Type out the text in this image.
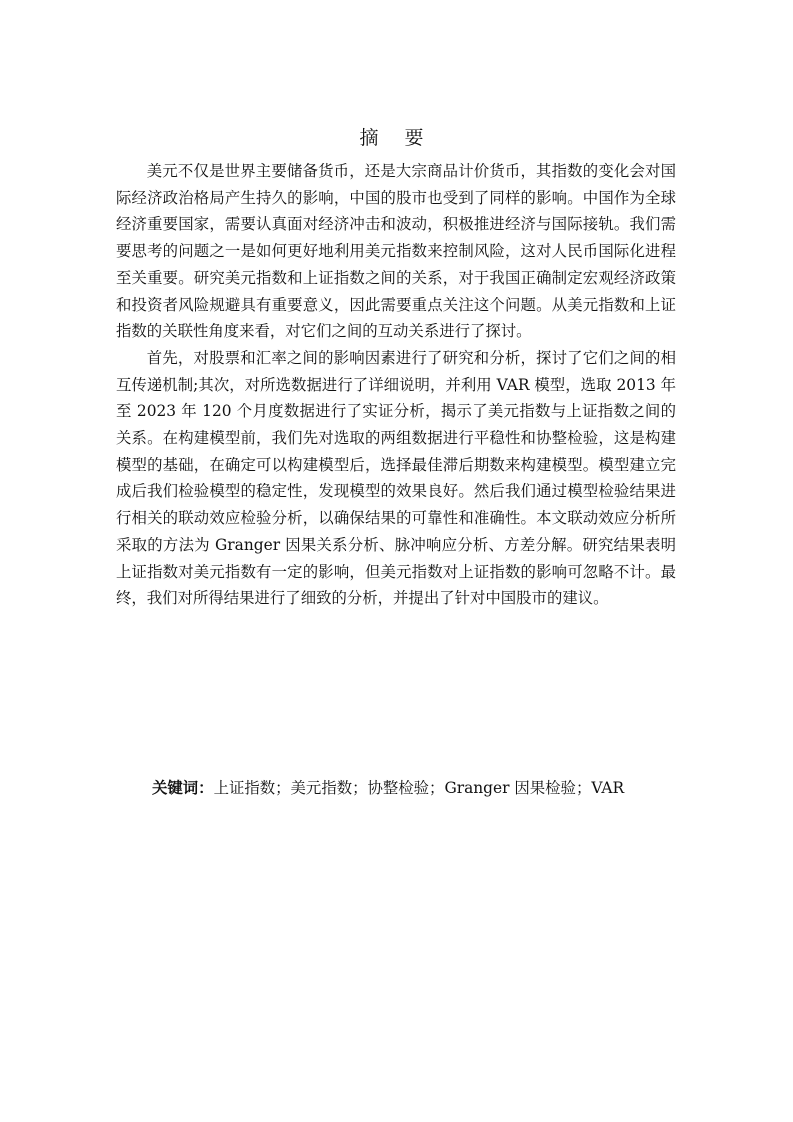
摘 要

美元不仅是世界主要储备货币，还是大宗商品计价货币，其指数的变化会对国际经济政治格局产生持久的影响，中国的股市也受到了同样的影响。中国作为全球经济重要国家，需要认真面对经济冲击和波动，积极推进经济与国际接轨。我们需要思考的问题之一是如何更好地利用美元指数来控制风险，这对人民币国际化进程至关重要。研究美元指数和上证指数之间的关系，对于我国正确制定宏观经济政策和投资者风险规避具有重要意义，因此需要重点关注这个问题。从美元指数和上证指数的关联性角度来看，对它们之间的互动关系进行了探讨。

首先，对股票和汇率之间的影响因素进行了研究和分析，探讨了它们之间的相互传递机制;其次，对所选数据进行了详细说明，并利用 VAR 模型，选取 2013 年至 2023 年 120 个月度数据进行了实证分析，揭示了美元指数与上证指数之间的关系。在构建模型前，我们先对选取的两组数据进行平稳性和协整检验，这是构建模型的基础，在确定可以构建模型后，选择最佳滞后期数来构建模型。模型建立完成后我们检验模型的稳定性，发现模型的效果良好。然后我们通过模型检验结果进行相关的联动效应检验分析，以确保结果的可靠性和准确性。本文联动效应分析所采取的方法为 Granger 因果关系分析、脉冲响应分析、方差分解。研究结果表明上证指数对美元指数有一定的影响，但美元指数对上证指数的影响可忽略不计。最终，我们对所得结果进行了细致的分析，并提出了针对中国股市的建议。

关键词：上证指数；美元指数；协整检验；Granger 因果检验；VAR
